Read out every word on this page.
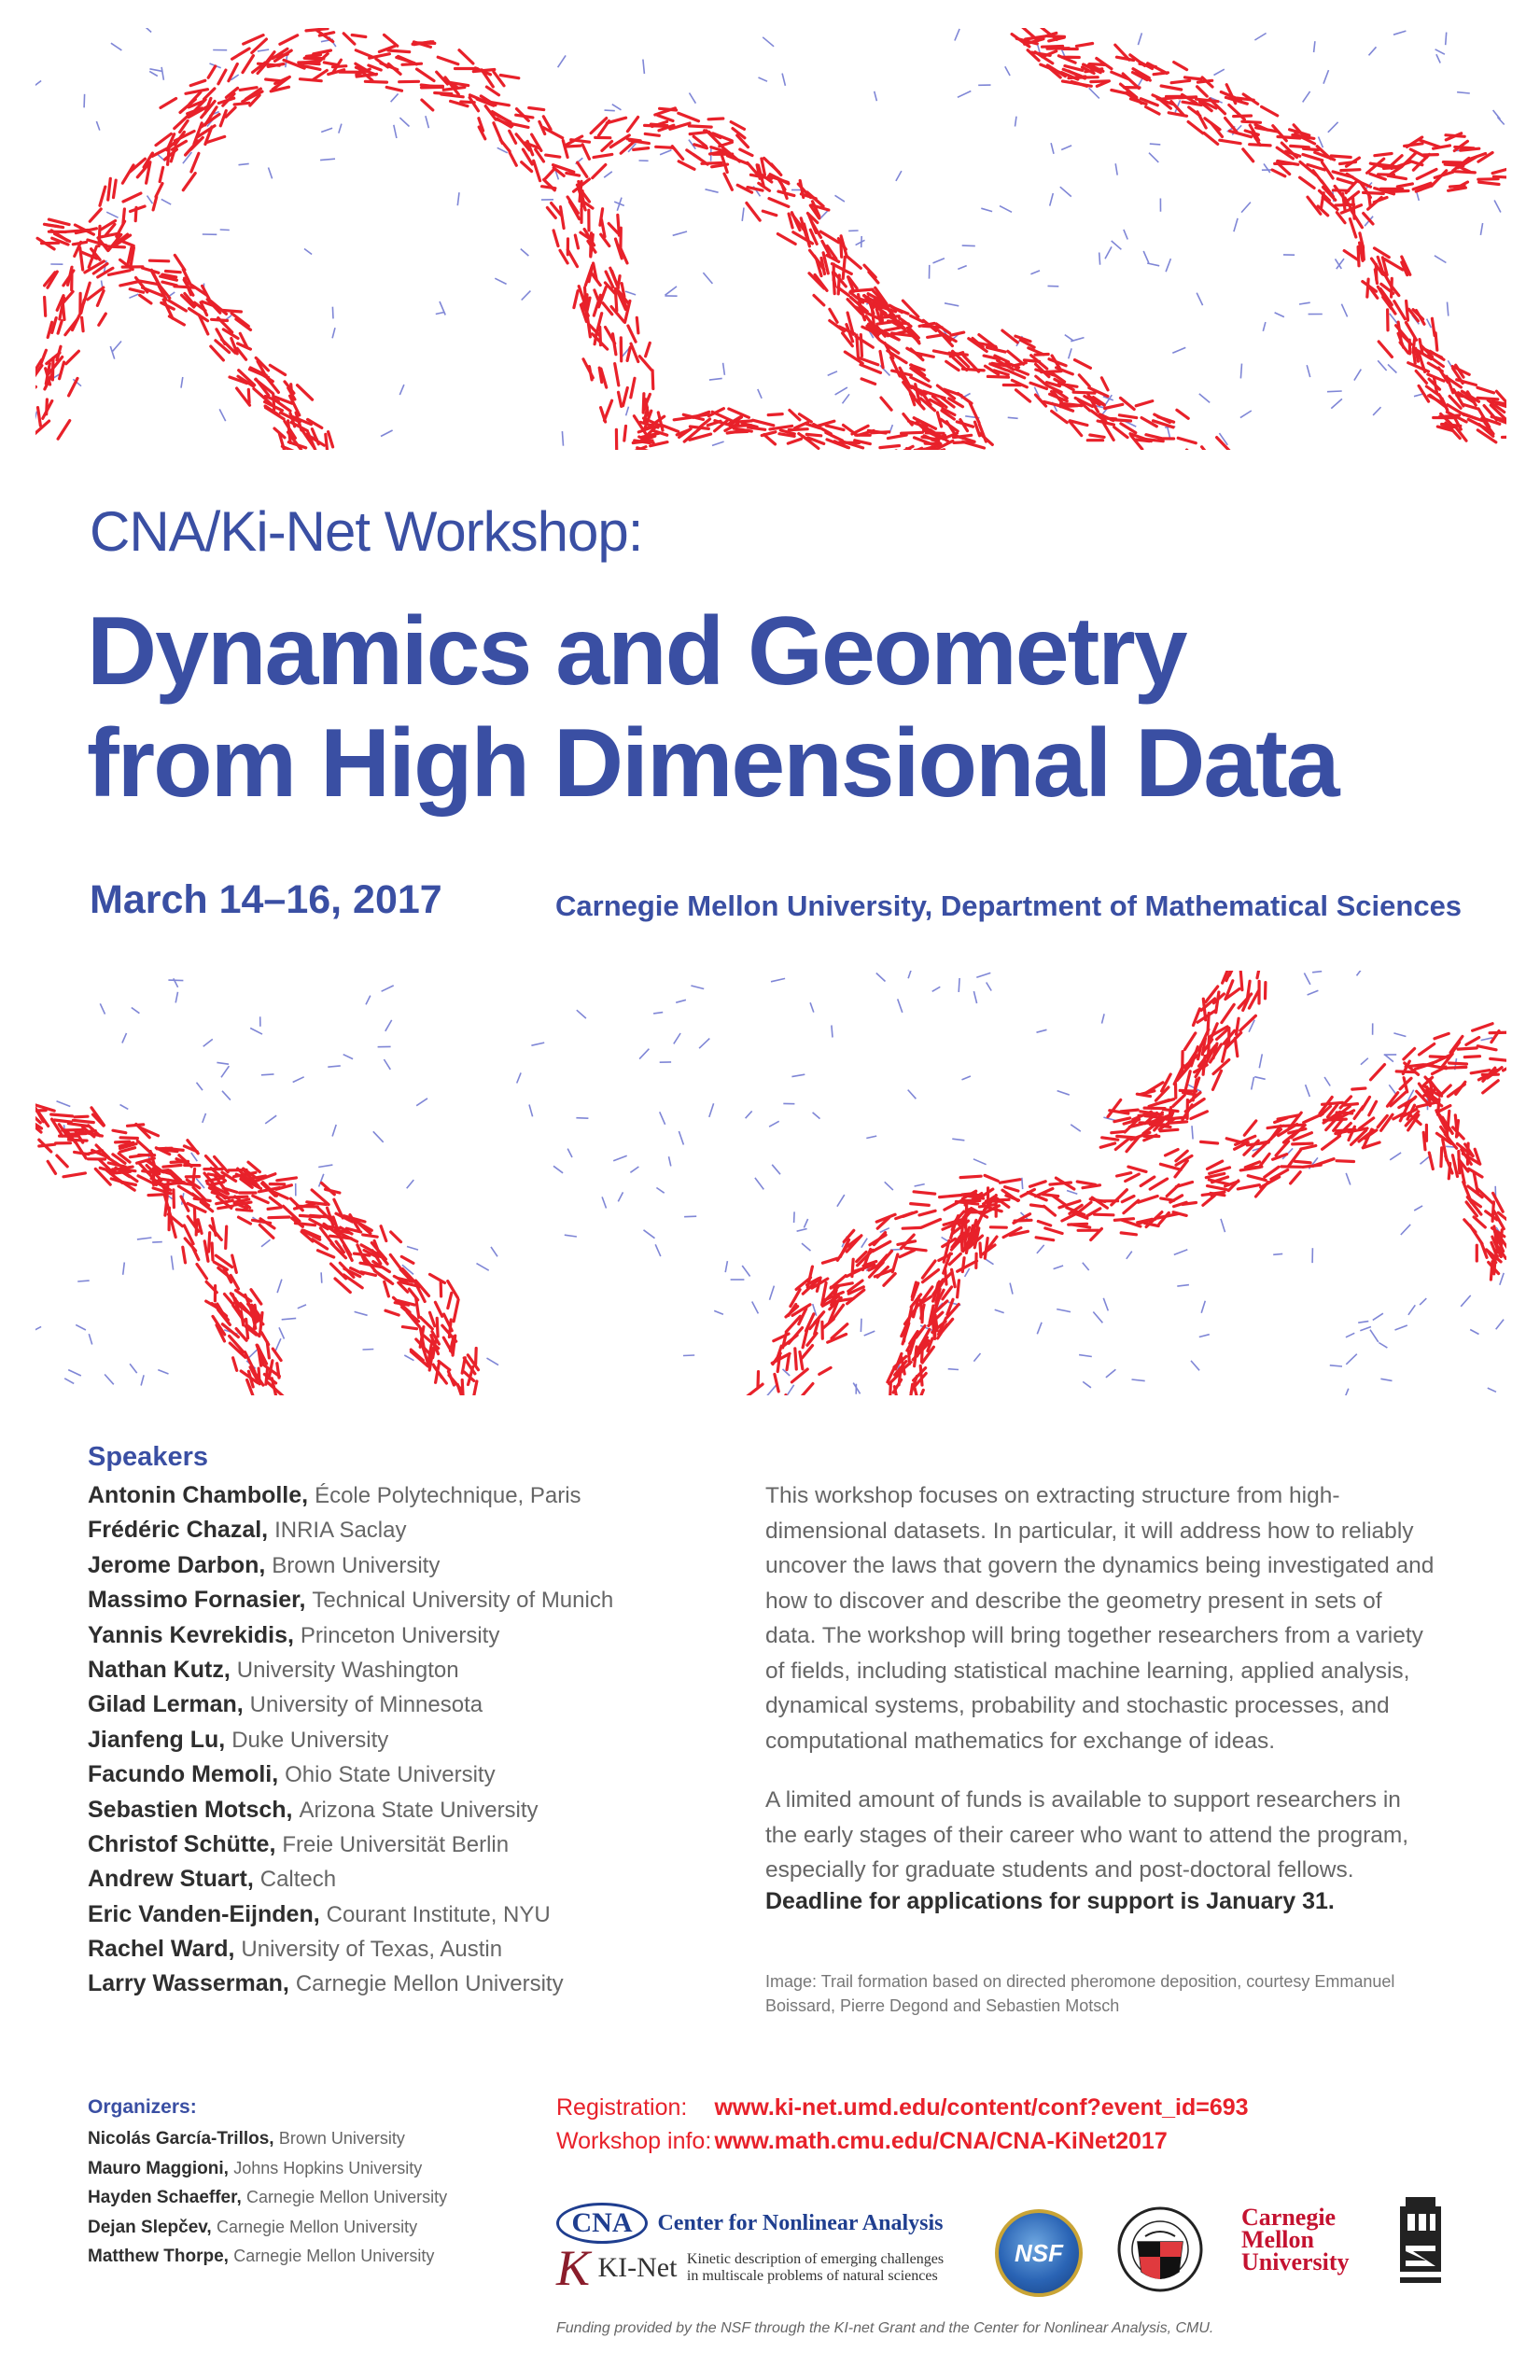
CNA/Ki-Net Workshop:
Dynamics and Geometry
from High Dimensional Data
March 14–16, 2017	Carnegie Mellon University, Department of Mathematical Sciences
Speakers
Antonin Chambolle, École Polytechnique, Paris
Frédéric Chazal, INRIA Saclay
Jerome Darbon, Brown University
Massimo Fornasier, Technical University of Munich
Yannis Kevrekidis, Princeton University
Nathan Kutz, University Washington
Gilad Lerman, University of Minnesota
Jianfeng Lu, Duke University
Facundo Memoli, Ohio State University
Sebastien Motsch, Arizona State University
Christof Schütte, Freie Universität Berlin
Andrew Stuart, Caltech
Eric Vanden-Eijnden, Courant Institute, NYU
Rachel Ward, University of Texas, Austin
Larry Wasserman, Carnegie Mellon University

This workshop focuses on extracting structure from high-dimensional datasets. In particular, it will address how to reliably uncover the laws that govern the dynamics being investigated and how to discover and describe the geometry present in sets of data. The workshop will bring together researchers from a variety of fields, including statistical machine learning, applied analysis, dynamical systems, probability and stochastic processes, and computational mathematics for exchange of ideas.

A limited amount of funds is available to support researchers in the early stages of their career who want to attend the program, especially for graduate students and post-doctoral fellows.

Deadline for applications for support is January 31.

Image: Trail formation based on directed pheromone deposition, courtesy Emmanuel Boissard, Pierre Degond and Sebastien Motsch

Organizers:
Nicolás García-Trillos, Brown University
Mauro Maggioni, Johns Hopkins University
Hayden Schaeffer, Carnegie Mellon University
Dejan Slepčev, Carnegie Mellon University
Matthew Thorpe, Carnegie Mellon University
Registration: www.ki-net.umd.edu/content/conf?event_id=693
Workshop info: www.math.cmu.edu/CNA/CNA-KiNet2017
CNA Center for Nonlinear Analysis
K KI-Net Kinetic description of emerging challenges
in multiscale problems of natural sciences
NSF
Carnegie
Mellon
University
Funding provided by the NSF through the KI-net Grant and the Center for Nonlinear Analysis, CMU.
